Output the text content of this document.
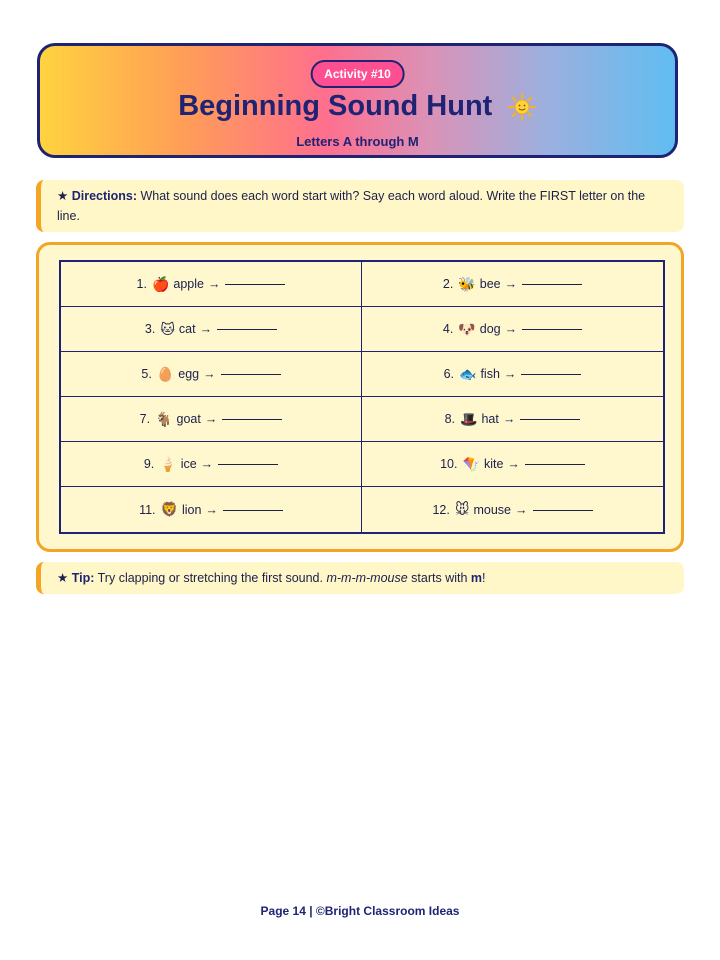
Activity #10
Beginning Sound Hunt
Letters A through M
★ Directions: What sound does each word start with? Say each word aloud. Write the FIRST letter on the line.
1. 🍎 apple →	2. 🐝 bee →
3. 🐱 cat →	4. 🐶 dog →
5. 🥚 egg →	6. 🐟 fish →
7. 🐐 goat →	8. 🎩 hat →
9. 🍦 ice →	10. 🪁 kite →
11. 🦁 lion →	12. 🐭 mouse →
★ Tip: Try clapping or stretching the first sound. m-m-m-mouse starts with m!
Page 14 | ©Bright Classroom Ideas
